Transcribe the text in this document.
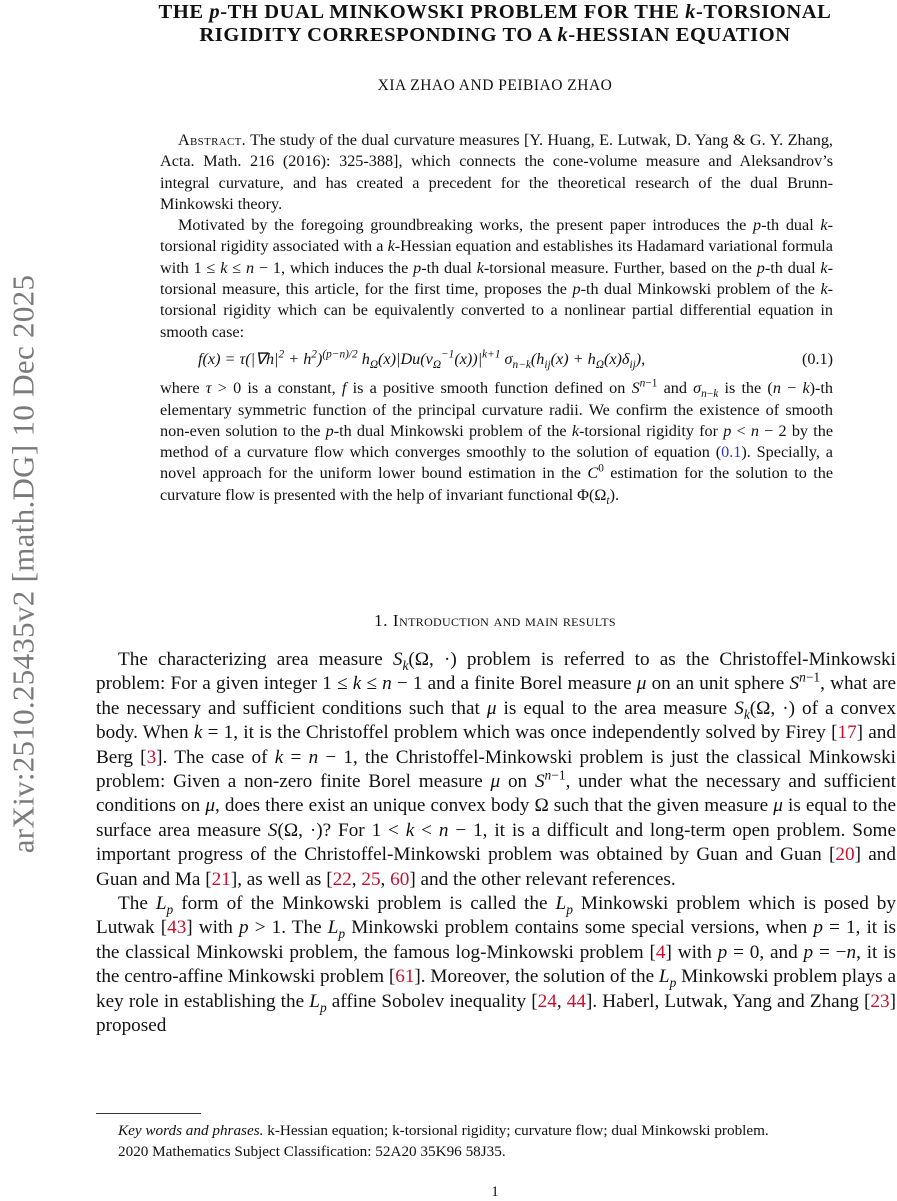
arXiv:2510.25435v2 [math.DG] 10 Dec 2025
THE p-TH DUAL MINKOWSKI PROBLEM FOR THE k-TORSIONAL
RIGIDITY CORRESPONDING TO A k-HESSIAN EQUATION
XIA ZHAO AND PEIBIAO ZHAO

Abstract. The study of the dual curvature measures [Y. Huang, E. Lutwak, D. Yang & G. Y. Zhang, Acta. Math. 216 (2016): 325-388], which connects the cone-volume measure and Aleksandrov’s integral curvature, and has created a precedent for the theoretical research of the dual Brunn-Minkowski theory.

Motivated by the foregoing groundbreaking works, the present paper introduces the p-th dual k-torsional rigidity associated with a k-Hessian equation and establishes its Hadamard variational formula with 1 ≤ k ≤ n − 1, which induces the p-th dual k-torsional measure. Further, based on the p-th dual k-torsional measure, this article, for the first time, proposes the p-th dual Minkowski problem of the k-torsional rigidity which can be equivalently converted to a nonlinear partial differential equation in smooth case:

$f(x) = \tau(|\nabla h|^2 + h^2)^{(p-n)/2}$ $h_\Omega(x)|Du(\nu_\Omega^{-1}(x))|^{k+1}$ $\sigma_{n-k}(h_{ij}(x) + h_\Omega(x)\delta_{ij})$,	(0.1)

where τ > 0 is a constant, f is a positive smooth function defined on $S^{n-1}$ and $\sigma_{n-k}$ is the (n − k)-th elementary symmetric function of the principal curvature radii. We confirm the existence of smooth non-even solution to the p-th dual Minkowski problem of the k-torsional rigidity for p < n − 2 by the method of a curvature flow which converges smoothly to the solution of equation (0.1). Specially, a novel approach for the uniform lower bound estimation in the $C^0$ estimation for the solution to the curvature flow is presented with the help of invariant functional $\Phi(\Omega_t)$.

1. Introduction and main results

The characterizing area measure $S_k(\Omega$, ·) problem is referred to as the Christoffel-Minkowski problem: For a given integer 1 ≤ k ≤ n − 1 and a finite Borel measure μ on an unit sphere $S^{n-1}$, what are the necessary and sufficient conditions such that μ is equal to the area measure $S_k(\Omega$, ·) of a convex body. When k = 1, it is the Christoffel problem which was once independently solved by Firey [17] and Berg [3]. The case of k = n − 1, the Christoffel-Minkowski problem is just the classical Minkowski problem: Given a non-zero finite Borel measure μ on $S^{n-1}$, under what the necessary and sufficient conditions on μ, does there exist an unique convex body Ω such that the given measure μ is equal to the surface area measure S(Ω, ·)? For 1 < k < n − 1, it is a difficult and long-term open problem. Some important progress of the Christoffel-Minkowski problem was obtained by Guan and Guan [20] and Guan and Ma [21], as well as [22, 25, 60] and the other relevant references.

The $L_p$ form of the Minkowski problem is called the $L_p$ Minkowski problem which is posed by Lutwak [43] with p > 1. The $L_p$ Minkowski problem contains some special versions, when p = 1, it is the classical Minkowski problem, the famous log-Minkowski problem [4] with p = 0, and p = −n, it is the centro-affine Minkowski problem [61]. Moreover, the solution of the $L_p$ Minkowski problem plays a key role in establishing the $L_p$ affine Sobolev inequality [24, 44]. Haberl, Lutwak, Yang and Zhang [23] proposed

Key words and phrases. k-Hessian equation; k-torsional rigidity; curvature flow; dual Minkowski problem.

2020 Mathematics Subject Classification: 52A20 35K96 58J35.

1
